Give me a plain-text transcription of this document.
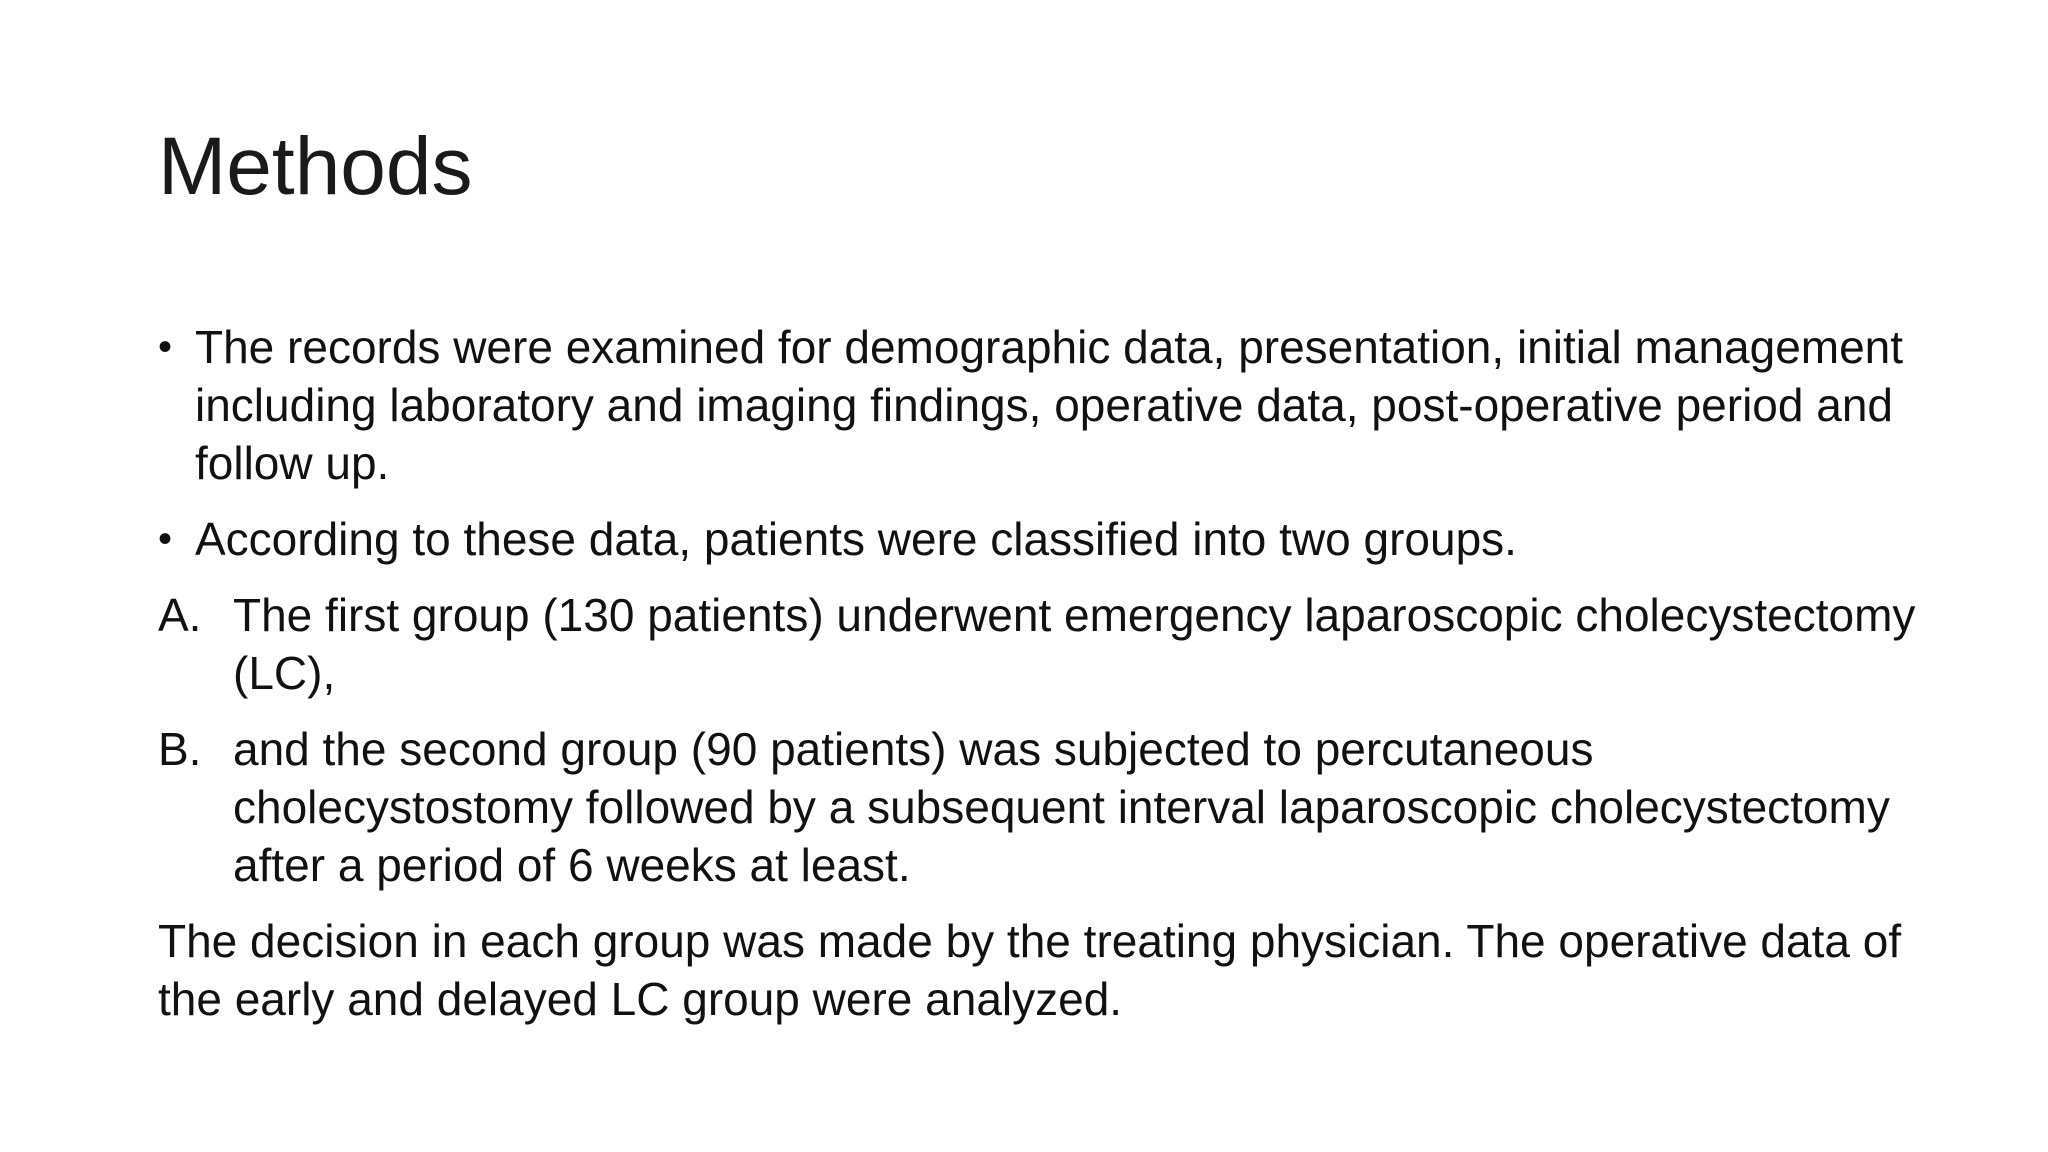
Methods
• The records were examined for demographic data, presentation, initial management including laboratory and imaging findings, operative data, post-operative period and follow up.
• According to these data, patients were classified into two groups.
A. The first group (130 patients) underwent emergency laparoscopic cholecystectomy (LC),
B. and the second group (90 patients) was subjected to percutaneous cholecystostomy followed by a subsequent interval laparoscopic cholecystectomy after a period of 6 weeks at least.
The decision in each group was made by the treating physician. The operative data of the early and delayed LC group were analyzed.
